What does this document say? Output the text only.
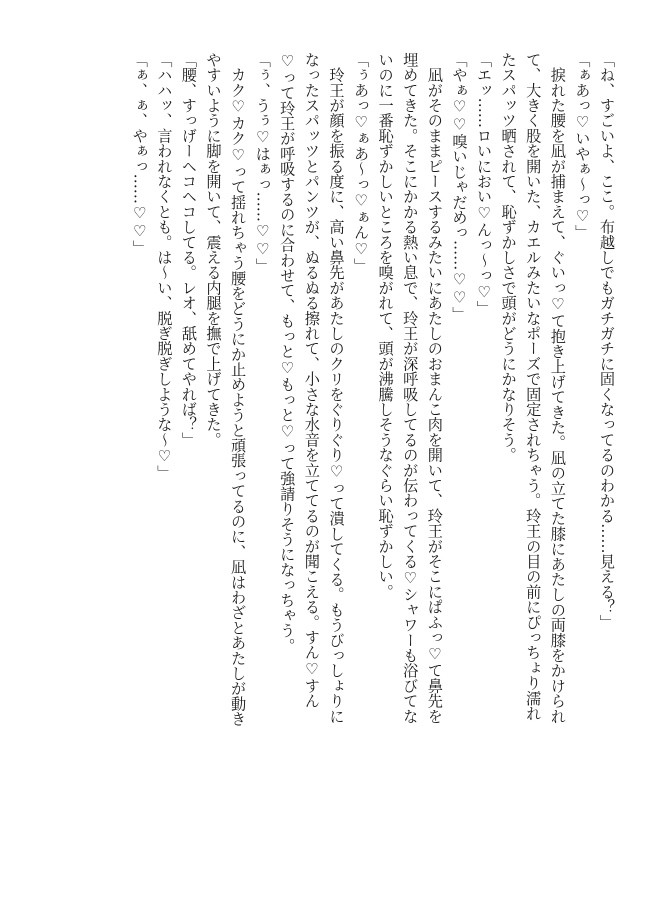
「ね、すごいよ、ここ。布越しでもガチガチに固くなってるのわかる……見える？」
「ぁあっ♡いやぁ～っ♡」
　捩れた腰を凪が捕まえて、ぐいっ♡て抱き上げてきた。凪の立てた膝にあたしの両膝をかけられ
て、大きく股を開いた、カエルみたいなポーズで固定されちゃう。玲王の目の前にぴっちょり濡れ
たスパッツ晒されて、恥ずかしさで頭がどうにかなりそう。
「エッ……ロいにおい♡んっ～っ♡」
「やぁ♡♡嗅いじゃだめっ……♡♡」
　凪がそのままピースするみたいにあたしのおまんこ肉を開いて、玲王がそこにぱふっ♡て鼻先を
埋めてきた。そこにかかる熱い息で、玲王が深呼吸してるのが伝わってくる♡シャワーも浴びてな
いのに一番恥ずかしいところを嗅がれて、頭が沸騰しそうなぐらい恥ずかしい。
「ぅあっ♡ぁあ～っ♡ぁん♡」
　玲王が顔を振る度に、高い鼻先があたしのクリをぐりぐり♡って潰してくる。もうびっしょりに
なったスパッツとパンツが、ぬるぬる擦れて、小さな水音を立ててるのが聞こえる。すん♡すん
♡って玲王が呼吸するのに合わせて、もっと♡もっと♡って強請りそうになっちゃう。
「ぅ、うぅ♡はぁっ……♡♡」
　カク♡カク♡って揺れちゃう腰をどうにか止めようと頑張ってるのに、凪はわざとあたしが動き
やすいように脚を開いて、震える内腿を撫で上げてきた。
「腰、すっげーヘコヘコしてる。レオ、舐めてやれば？」
「ハハッ、言われなくとも。は～い、脱ぎ脱ぎしような～♡」
「ぁ、ぁ、やぁっ……♡♡」
